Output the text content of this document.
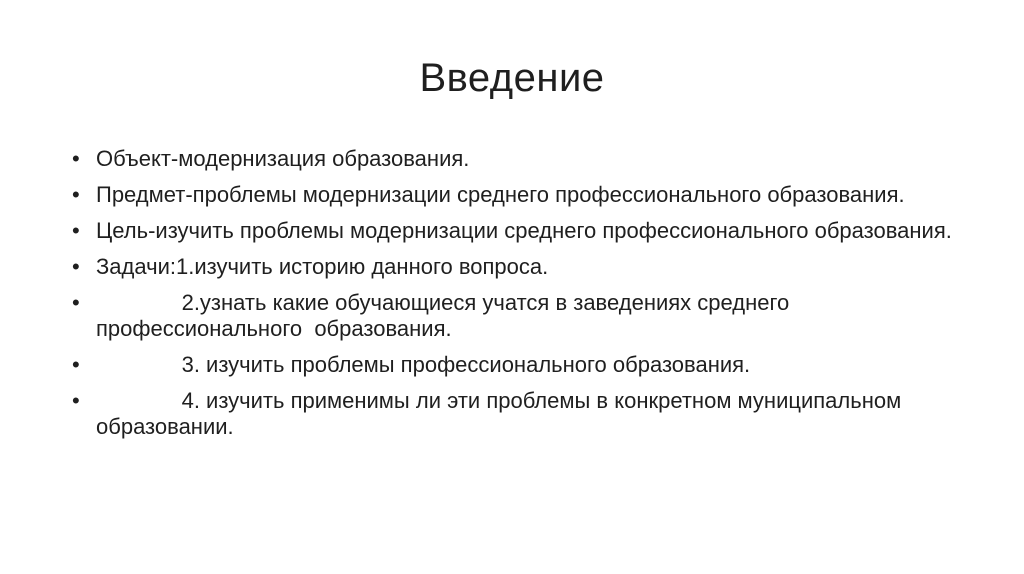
Введение
• Объект-модернизация образования.
• Предмет-проблемы модернизации среднего профессионального образования.
• Цель-изучить проблемы модернизации среднего профессионального образования.
• Задачи:1.изучить историю данного вопроса.
• 2.узнать какие обучающиеся учатся в заведениях среднего профессионального  образования.
• 3. изучить проблемы профессионального образования.
• 4. изучить применимы ли эти проблемы в конкретном муниципальном образовании.
